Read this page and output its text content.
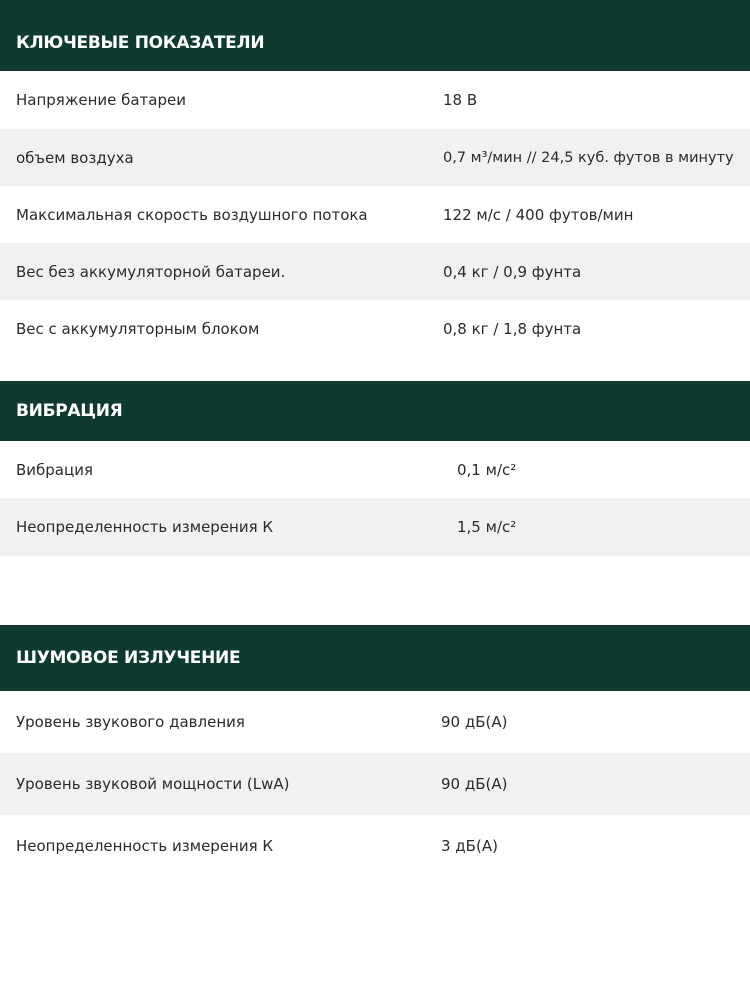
КЛЮЧЕВЫЕ ПОКАЗАТЕЛИ
Напряжение батареи	18 В
объем воздуха	0,7 м³/мин // 24,5 куб. футов в минуту
Максимальная скорость воздушного потока	122 м/с / 400 футов/мин
Вес без аккумуляторной батареи.	0,4 кг / 0,9 фунта
Вес с аккумуляторным блоком	0,8 кг / 1,8 фунта
ВИБРАЦИЯ
Вибрация	0,1 м/с²
Неопределенность измерения К	1,5 м/с²
ШУМОВОЕ ИЗЛУЧЕНИЕ
Уровень звукового давления	90 дБ(А)
Уровень звуковой мощности (LwA)	90 дБ(А)
Неопределенность измерения К	3 дБ(А)
